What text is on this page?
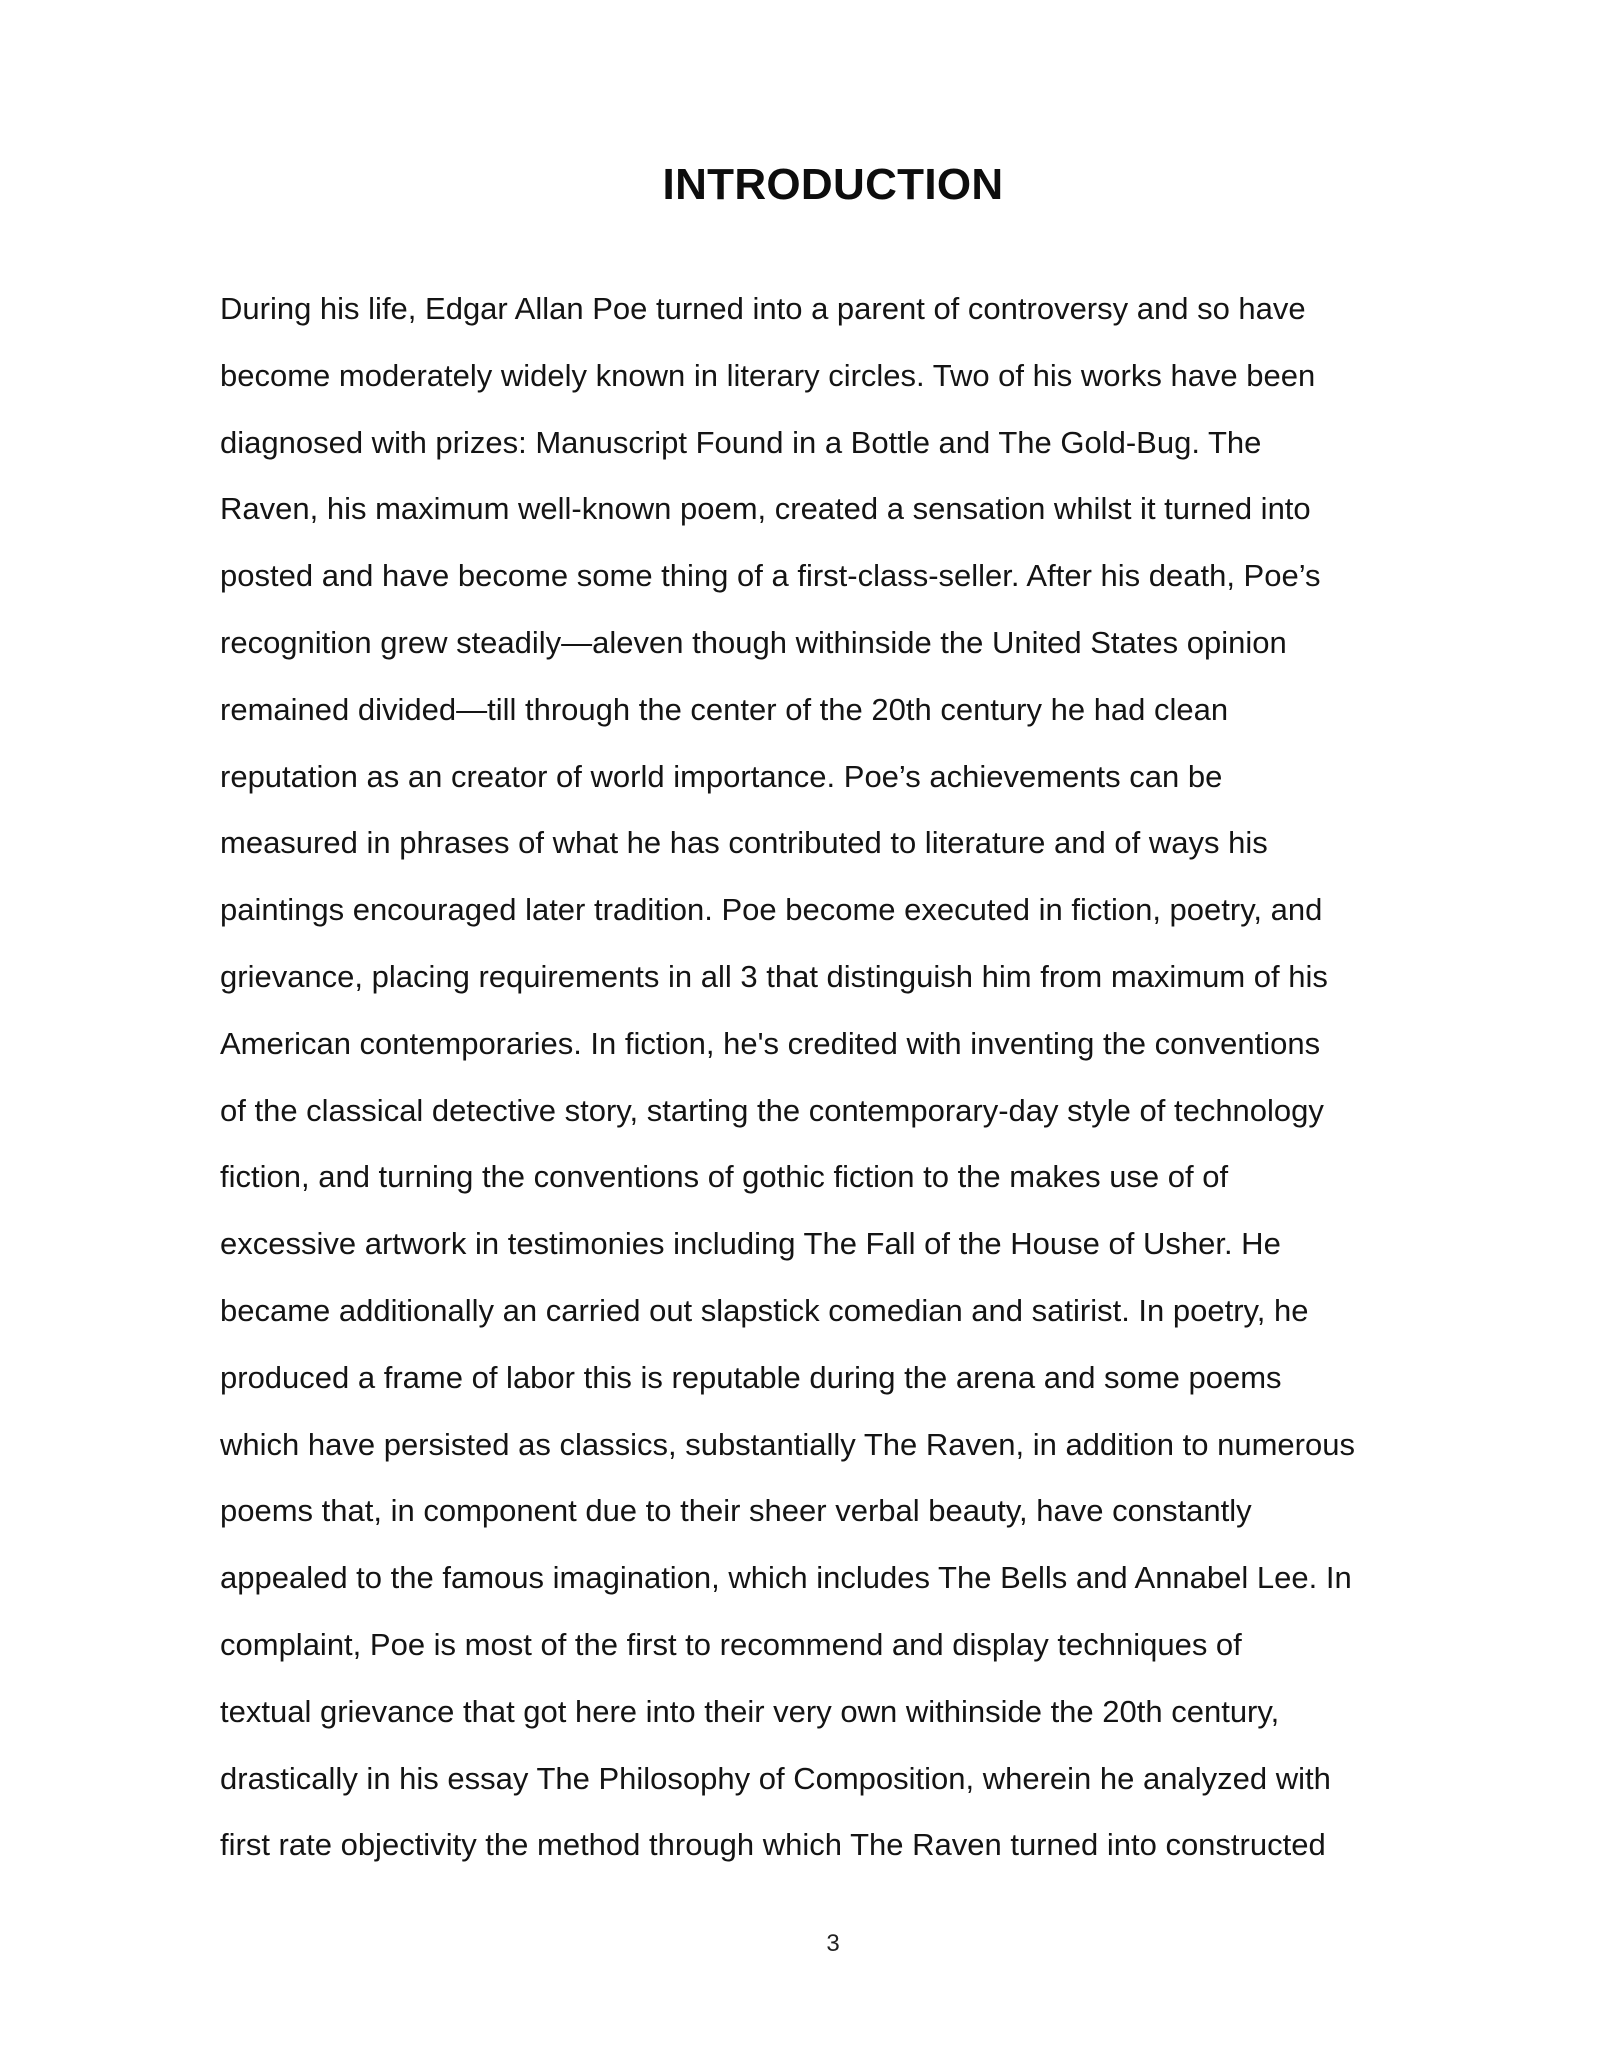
INTRODUCTION
During his life, Edgar Allan Poe turned into a parent of controversy and so have
become moderately widely known in literary circles. Two of his works have been
diagnosed with prizes: Manuscript Found in a Bottle and The Gold-Bug. The
Raven, his maximum well-known poem, created a sensation whilst it turned into
posted and have become some thing of a first-class-seller. After his death, Poe’s
recognition grew steadily—aleven though withinside the United States opinion
remained divided—till through the center of the 20th century he had clean
reputation as an creator of world importance. Poe’s achievements can be
measured in phrases of what he has contributed to literature and of ways his
paintings encouraged later tradition. Poe become executed in fiction, poetry, and
grievance, placing requirements in all 3 that distinguish him from maximum of his
American contemporaries. In fiction, he's credited with inventing the conventions
of the classical detective story, starting the contemporary-day style of technology
fiction, and turning the conventions of gothic fiction to the makes use of of
excessive artwork in testimonies including The Fall of the House of Usher. He
became additionally an carried out slapstick comedian and satirist. In poetry, he
produced a frame of labor this is reputable during the arena and some poems
which have persisted as classics, substantially The Raven, in addition to numerous
poems that, in component due to their sheer verbal beauty, have constantly
appealed to the famous imagination, which includes The Bells and Annabel Lee. In
complaint, Poe is most of the first to recommend and display techniques of
textual grievance that got here into their very own withinside the 20th century,
drastically in his essay The Philosophy of Composition, wherein he analyzed with
first rate objectivity the method through which The Raven turned into constructed
3
